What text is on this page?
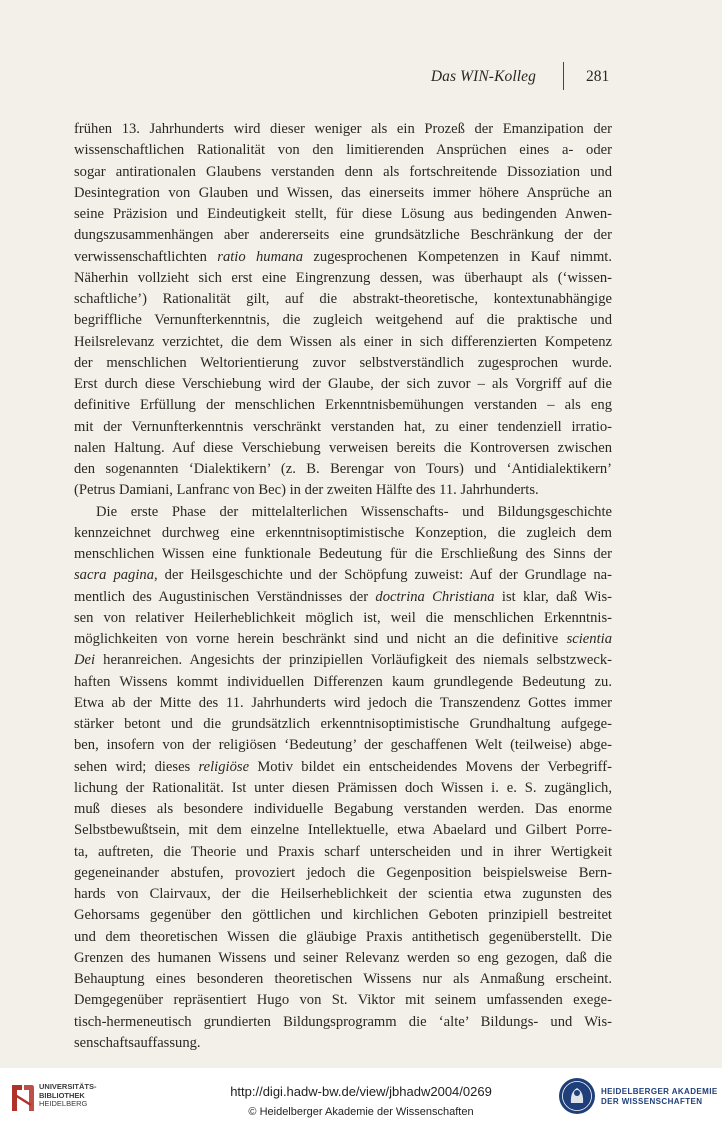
Das WIN-Kolleg	281
frühen 13. Jahrhunderts wird dieser weniger als ein Prozeß der Emanzipation der
wissenschaftlichen Rationalität von den limitierenden Ansprüchen eines a- oder
sogar antirationalen Glaubens verstanden denn als fortschreitende Dissoziation und
Desintegration von Glauben und Wissen, das einerseits immer höhere Ansprüche an
seine Präzision und Eindeutigkeit stellt, für diese Lösung aus bedingenden Anwen-
dungszusammenhängen aber andererseits eine grundsätzliche Beschränkung der der
verwissenschaftlichten ratio humana zugesprochenen Kompetenzen in Kauf nimmt.
Näherhin vollzieht sich erst eine Eingrenzung dessen, was überhaupt als (‘wissen-
schaftliche’) Rationalität gilt, auf die abstrakt-theoretische, kontextunabhängige
begriffliche Vernunfterkenntnis, die zugleich weitgehend auf die praktische und
Heilsrelevanz verzichtet, die dem Wissen als einer in sich differenzierten Kompetenz
der menschlichen Weltorientierung zuvor selbstverständlich zugesprochen wurde.
Erst durch diese Verschiebung wird der Glaube, der sich zuvor – als Vorgriff auf die
definitive Erfüllung der menschlichen Erkenntnisbemühungen verstanden – als eng
mit der Vernunfterkenntnis verschränkt verstanden hat, zu einer tendenziell irratio-
nalen Haltung. Auf diese Verschiebung verweisen bereits die Kontroversen zwischen
den sogenannten ‘Dialektikern’ (z. B. Berengar von Tours) und ‘Antidialektikern’
(Petrus Damiani, Lanfranc von Bec) in der zweiten Hälfte des 11. Jahrhunderts.
Die erste Phase der mittelalterlichen Wissenschafts- und Bildungsgeschichte
kennzeichnet durchweg eine erkenntnisoptimistische Konzeption, die zugleich dem
menschlichen Wissen eine funktionale Bedeutung für die Erschließung des Sinns der
sacra pagina, der Heilsgeschichte und der Schöpfung zuweist: Auf der Grundlage na-
mentlich des Augustinischen Verständnisses der doctrina Christiana ist klar, daß Wis-
sen von relativer Heilerheblichkeit möglich ist, weil die menschlichen Erkenntnis-
möglichkeiten von vorne herein beschränkt sind und nicht an die definitive scientia
Dei heranreichen. Angesichts der prinzipiellen Vorläufigkeit des niemals selbstzweck-
haften Wissens kommt individuellen Differenzen kaum grundlegende Bedeutung zu.
Etwa ab der Mitte des 11. Jahrhunderts wird jedoch die Transzendenz Gottes immer
stärker betont und die grundsätzlich erkenntnisoptimistische Grundhaltung aufgege-
ben, insofern von der religiösen ‘Bedeutung’ der geschaffenen Welt (teilweise) abge-
sehen wird; dieses religiöse Motiv bildet ein entscheidendes Movens der Verbegriff-
lichung der Rationalität. Ist unter diesen Prämissen doch Wissen i. e. S. zugänglich,
muß dieses als besondere individuelle Begabung verstanden werden. Das enorme
Selbstbewußtsein, mit dem einzelne Intellektuelle, etwa Abaelard und Gilbert Porre-
ta, auftreten, die Theorie und Praxis scharf unterscheiden und in ihrer Wertigkeit
gegeneinander abstufen, provoziert jedoch die Gegenposition beispielsweise Bern-
hards von Clairvaux, der die Heilserheblichkeit der scientia etwa zugunsten des
Gehorsams gegenüber den göttlichen und kirchlichen Geboten prinzipiell bestreitet
und dem theoretischen Wissen die gläubige Praxis antithetisch gegenüberstellt. Die
Grenzen des humanen Wissens und seiner Relevanz werden so eng gezogen, daß die
Behauptung eines besonderen theoretischen Wissens nur als Anmaßung erscheint.
Demgegenüber repräsentiert Hugo von St. Viktor mit seinem umfassenden exege-
tisch-hermeneutisch grundierten Bildungsprogramm die ‘alte’ Bildungs- und Wis-
senschaftsauffassung.
UNIVERSITÄTS-
BIBLIOTHEK
HEIDELBERG
http://digi.hadw-bw.de/view/jbhadw2004/0269
© Heidelberger Akademie der Wissenschaften
HEIDELBERGER AKADEMIE
DER WISSENSCHAFTEN
